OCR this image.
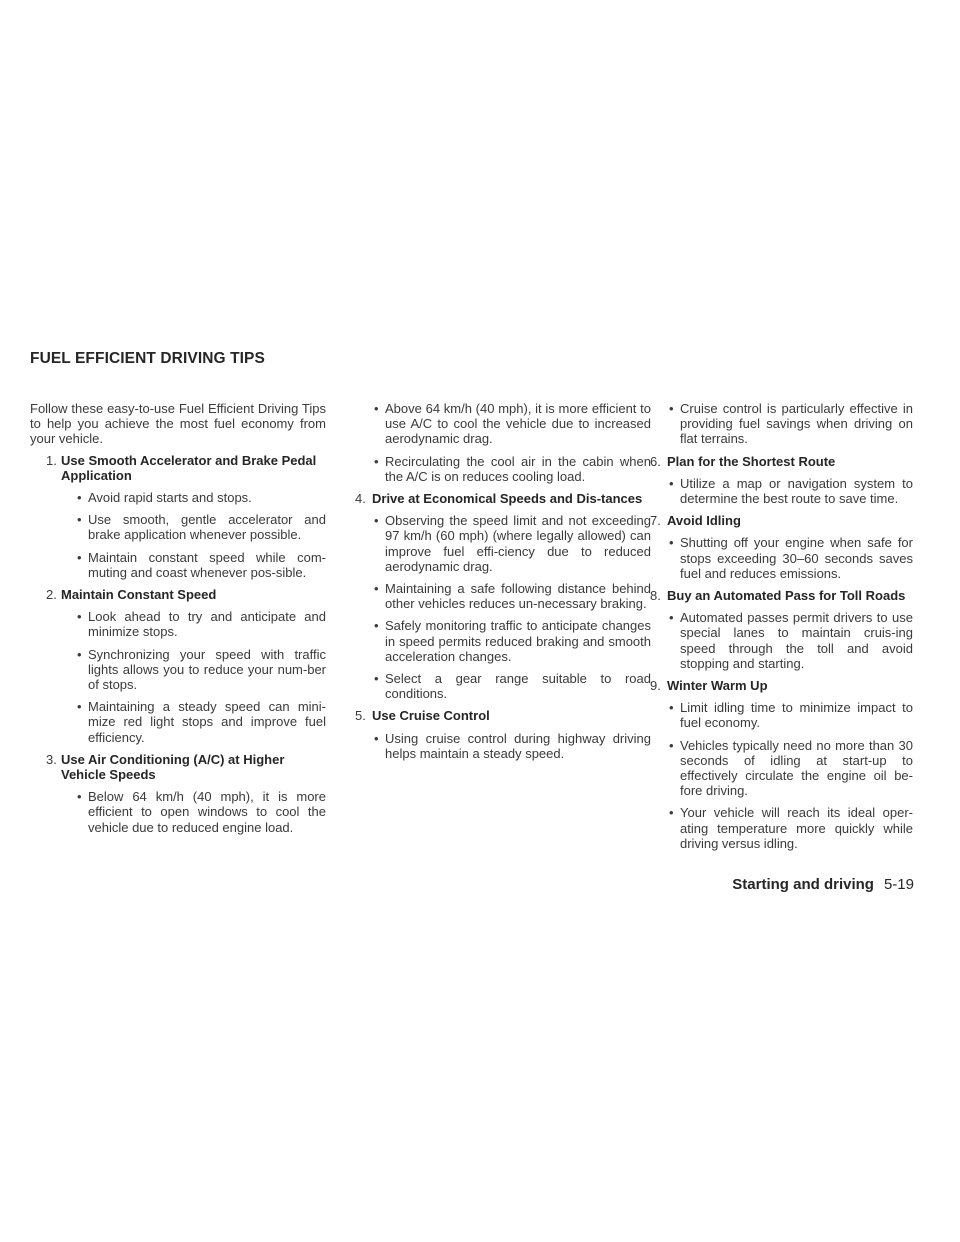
FUEL EFFICIENT DRIVING TIPS

Follow these easy-to-use Fuel Efficient Driving Tips to help you achieve the most fuel economy from your vehicle.

1. Use Smooth Accelerator and Brake Pedal Application

• Avoid rapid starts and stops.

• Use smooth, gentle accelerator and brake application whenever possible.

• Maintain constant speed while com-muting and coast whenever pos-sible.

2. Maintain Constant Speed

• Look ahead to try and anticipate and minimize stops.

• Synchronizing your speed with traffic lights allows you to reduce your num-ber of stops.

• Maintaining a steady speed can mini-mize red light stops and improve fuel efficiency.

3. Use Air Conditioning (A/C) at Higher Vehicle Speeds

• Below 64 km/h (40 mph), it is more efficient to open windows to cool the vehicle due to reduced engine load.

• Above 64 km/h (40 mph), it is more efficient to use A/C to cool the vehicle due to increased aerodynamic drag.

• Recirculating the cool air in the cabin when the A/C is on reduces cooling load.

4. Drive at Economical Speeds and Dis-tances

• Observing the speed limit and not exceeding 97 km/h (60 mph) (where legally allowed) can improve fuel effi-ciency due to reduced aerodynamic drag.

• Maintaining a safe following distance behind other vehicles reduces un-necessary braking.

• Safely monitoring traffic to anticipate changes in speed permits reduced braking and smooth acceleration changes.

• Select a gear range suitable to road conditions.

5. Use Cruise Control

• Using cruise control during highway driving helps maintain a steady speed.

• Cruise control is particularly effective in providing fuel savings when driving on flat terrains.

6. Plan for the Shortest Route

• Utilize a map or navigation system to determine the best route to save time.

7. Avoid Idling

• Shutting off your engine when safe for stops exceeding 30–60 seconds saves fuel and reduces emissions.

8. Buy an Automated Pass for Toll Roads

• Automated passes permit drivers to use special lanes to maintain cruis-ing speed through the toll and avoid stopping and starting.

9. Winter Warm Up

• Limit idling time to minimize impact to fuel economy.

• Vehicles typically need no more than 30 seconds of idling at start-up to effectively circulate the engine oil be-fore driving.

• Your vehicle will reach its ideal oper-ating temperature more quickly while driving versus idling.

Starting and driving 5-19
